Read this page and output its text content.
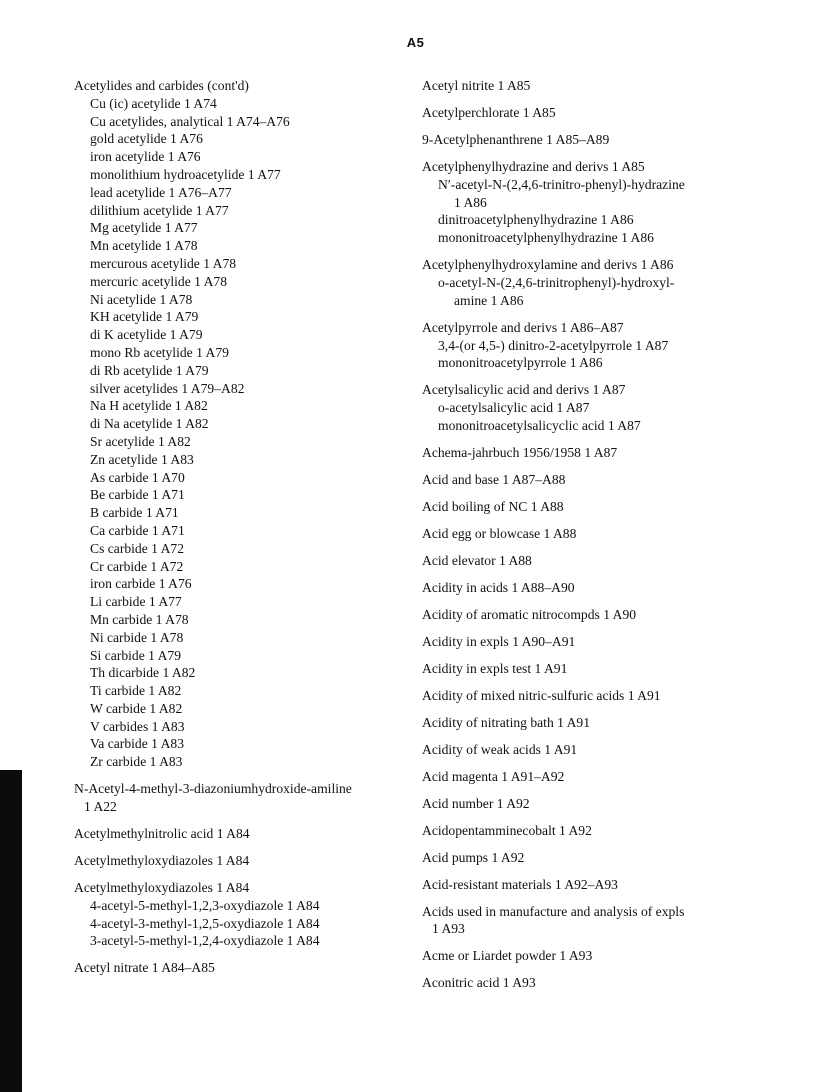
A5

Acetylides and carbides (cont'd)

Cu (ic) acetylide 1 A74

Cu acetylides, analytical 1 A74–A76

gold acetylide 1 A76

iron acetylide 1 A76

monolithium hydroacetylide 1 A77

lead acetylide 1 A76–A77

dilithium acetylide 1 A77

Mg acetylide 1 A77

Mn acetylide 1 A78

mercurous acetylide 1 A78

mercuric acetylide 1 A78

Ni acetylide 1 A78

KH acetylide 1 A79

di K acetylide 1 A79

mono Rb acetylide 1 A79

di Rb acetylide 1 A79

silver acetylides 1 A79–A82

Na H acetylide 1 A82

di Na acetylide 1 A82

Sr acetylide 1 A82

Zn acetylide 1 A83

As carbide 1 A70

Be carbide 1 A71

B carbide 1 A71

Ca carbide 1 A71

Cs carbide 1 A72

Cr carbide 1 A72

iron carbide 1 A76

Li carbide 1 A77

Mn carbide 1 A78

Ni carbide 1 A78

Si carbide 1 A79

Th dicarbide 1 A82

Ti carbide 1 A82

W carbide 1 A82

V carbides 1 A83

Va carbide 1 A83

Zr carbide 1 A83

N-Acetyl-4-methyl-3-diazoniumhydroxide-amiline

1 A22

Acetylmethylnitrolic acid 1 A84

Acetylmethyloxydiazoles 1 A84

Acetylmethyloxydiazoles 1 A84

4-acetyl-5-methyl-1,2,3-oxydiazole 1 A84

4-acetyl-3-methyl-1,2,5-oxydiazole 1 A84

3-acetyl-5-methyl-1,2,4-oxydiazole 1 A84

Acetyl nitrate 1 A84–A85

Acetyl nitrite 1 A85

Acetylperchlorate 1 A85

9-Acetylphenanthrene 1 A85–A89

Acetylphenylhydrazine and derivs 1 A85

N′-acetyl-N-(2,4,6-trinitro-phenyl)-hydrazine

1 A86

dinitroacetylphenylhydrazine 1 A86

mononitroacetylphenylhydrazine 1 A86

Acetylphenylhydroxylamine and derivs 1 A86

o-acetyl-N-(2,4,6-trinitrophenyl)-hydroxyl-

amine 1 A86

Acetylpyrrole and derivs 1 A86–A87

3,4-(or 4,5-) dinitro-2-acetylpyrrole 1 A87

mononitroacetylpyrrole 1 A86

Acetylsalicylic acid and derivs 1 A87

o-acetylsalicylic acid 1 A87

mononitroacetylsalicyclic acid 1 A87

Achema-jahrbuch 1956/1958 1 A87

Acid and base 1 A87–A88

Acid boiling of NC 1 A88

Acid egg or blowcase 1 A88

Acid elevator 1 A88

Acidity in acids 1 A88–A90

Acidity of aromatic nitrocompds 1 A90

Acidity in expls 1 A90–A91

Acidity in expls test 1 A91

Acidity of mixed nitric-sulfuric acids 1 A91

Acidity of nitrating bath 1 A91

Acidity of weak acids 1 A91

Acid magenta 1 A91–A92

Acid number 1 A92

Acidopentamminecobalt 1 A92

Acid pumps 1 A92

Acid-resistant materials 1 A92–A93

Acids used in manufacture and analysis of expls

1 A93

Acme or Liardet powder 1 A93

Aconitric acid 1 A93
